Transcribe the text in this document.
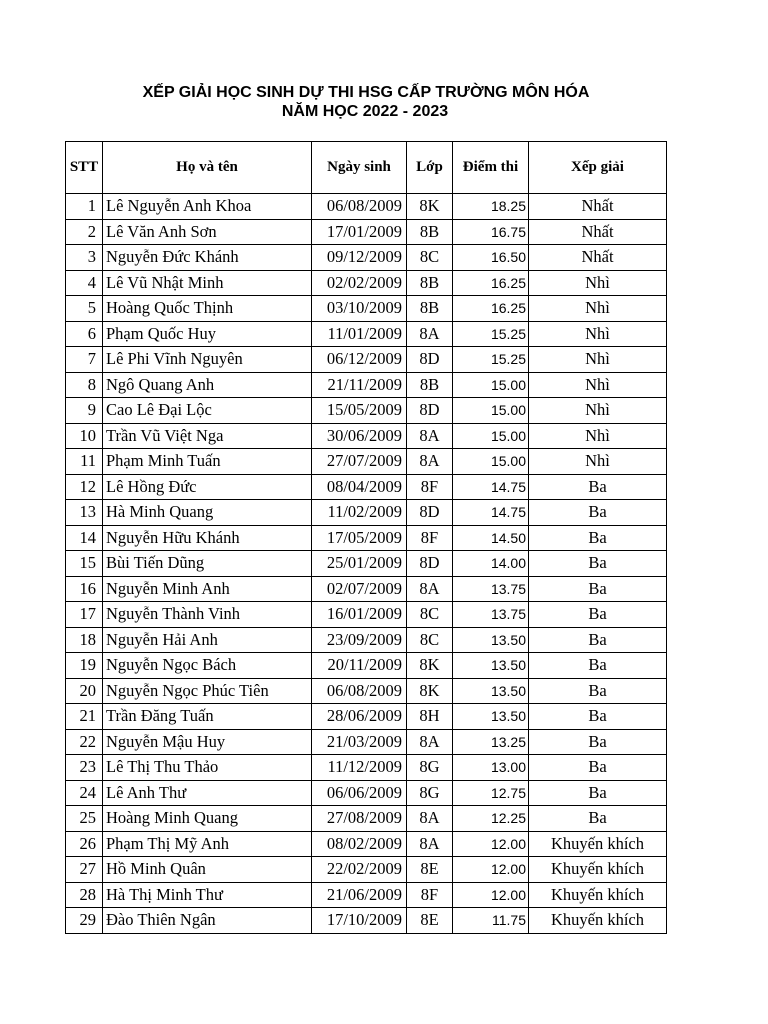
XẾP GIẢI HỌC SINH DỰ THI HSG CẤP TRƯỜNG MÔN HÓA
NĂM HỌC 2022 - 2023
STT	Họ và tên	Ngày sinh	Lớp	Điểm thi	Xếp giải
1	Lê Nguyễn Anh Khoa	06/08/2009	8K	18.25	Nhất
2	Lê Văn Anh Sơn	17/01/2009	8B	16.75	Nhất
3	Nguyễn Đức Khánh	09/12/2009	8C	16.50	Nhất
4	Lê Vũ Nhật Minh	02/02/2009	8B	16.25	Nhì
5	Hoàng Quốc Thịnh	03/10/2009	8B	16.25	Nhì
6	Phạm Quốc Huy	11/01/2009	8A	15.25	Nhì
7	Lê Phi Vĩnh Nguyên	06/12/2009	8D	15.25	Nhì
8	Ngô Quang Anh	21/11/2009	8B	15.00	Nhì
9	Cao Lê Đại Lộc	15/05/2009	8D	15.00	Nhì
10	Trần Vũ Việt Nga	30/06/2009	8A	15.00	Nhì
11	Phạm Minh Tuấn	27/07/2009	8A	15.00	Nhì
12	Lê Hồng Đức	08/04/2009	8F	14.75	Ba
13	Hà Minh Quang	11/02/2009	8D	14.75	Ba
14	Nguyễn Hữu Khánh	17/05/2009	8F	14.50	Ba
15	Bùi Tiến Dũng	25/01/2009	8D	14.00	Ba
16	Nguyễn Minh Anh	02/07/2009	8A	13.75	Ba
17	Nguyễn Thành Vinh	16/01/2009	8C	13.75	Ba
18	Nguyễn Hải Anh	23/09/2009	8C	13.50	Ba
19	Nguyễn Ngọc Bách	20/11/2009	8K	13.50	Ba
20	Nguyễn Ngọc Phúc Tiên	06/08/2009	8K	13.50	Ba
21	Trần Đăng Tuấn	28/06/2009	8H	13.50	Ba
22	Nguyễn Mậu Huy	21/03/2009	8A	13.25	Ba
23	Lê Thị Thu Thảo	11/12/2009	8G	13.00	Ba
24	Lê Anh Thư	06/06/2009	8G	12.75	Ba
25	Hoàng Minh Quang	27/08/2009	8A	12.25	Ba
26	Phạm Thị Mỹ Anh	08/02/2009	8A	12.00	Khuyến khích
27	Hồ Minh Quân	22/02/2009	8E	12.00	Khuyến khích
28	Hà Thị Minh Thư	21/06/2009	8F	12.00	Khuyến khích
29	Đào Thiên Ngân	17/10/2009	8E	11.75	Khuyến khích
